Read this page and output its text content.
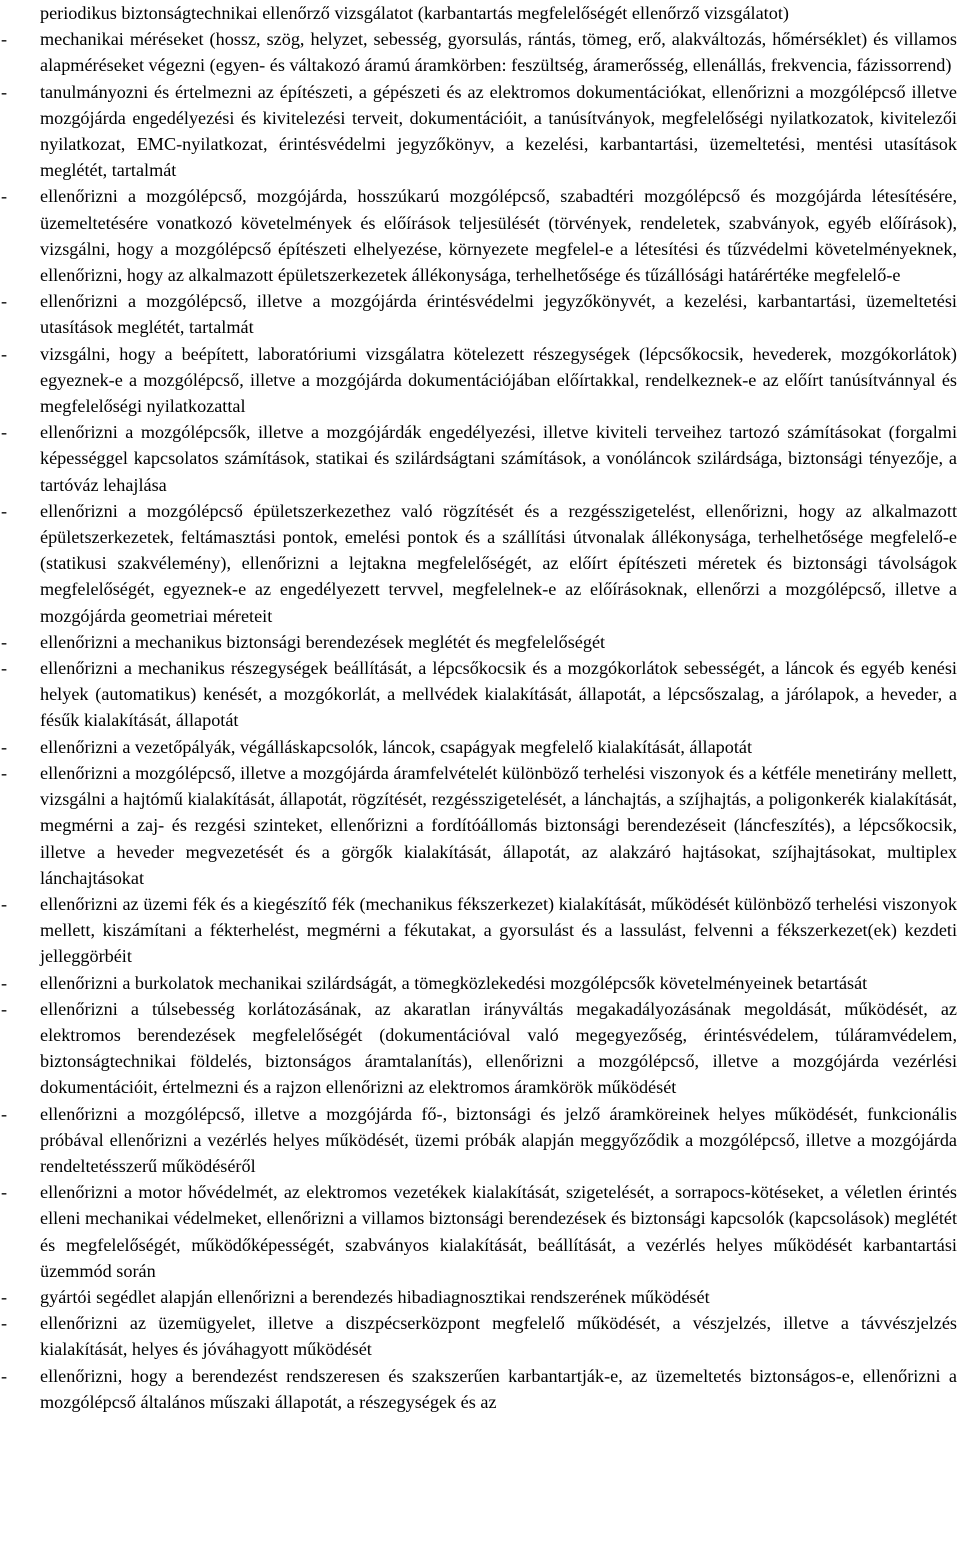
periodikus biztonságtechnikai ellenőrző vizsgálatot (karbantartás megfelelőségét ellenőrző vizsgálatot)

- mechanikai méréseket (hossz, szög, helyzet, sebesség, gyorsulás, rántás, tömeg, erő, alakváltozás, hőmérséklet) és villamos alapméréseket végezni (egyen- és váltakozó áramú áramkörben: feszültség, áramerősség, ellenállás, frekvencia, fázissorrend)
- tanulmányozni és értelmezni az építészeti, a gépészeti és az elektromos dokumentációkat, ellenőrizni a mozgólépcső illetve mozgójárda engedélyezési és kivitelezési terveit, dokumentációit, a tanúsítványok, megfelelőségi nyilatkozatok, kivitelezői nyilatkozat, EMC-nyilatkozat, érintésvédelmi jegyzőkönyv, a kezelési, karbantartási, üzemeltetési, mentési utasítások meglétét, tartalmát
- ellenőrizni a mozgólépcső, mozgójárda, hosszúkarú mozgólépcső, szabadtéri mozgólépcső és mozgójárda létesítésére, üzemeltetésére vonatkozó követelmények és előírások teljesülését (törvények, rendeletek, szabványok, egyéb előírások), vizsgálni, hogy a mozgólépcső építészeti elhelyezése, környezete megfelel-e a létesítési és tűzvédelmi követelményeknek, ellenőrizni, hogy az alkalmazott épületszerkezetek állékonysága, terhelhetősége és tűzállósági határértéke megfelelő-e
- ellenőrizni a mozgólépcső, illetve a mozgójárda érintésvédelmi jegyzőkönyvét, a kezelési, karbantartási, üzemeltetési utasítások meglétét, tartalmát
- vizsgálni, hogy a beépített, laboratóriumi vizsgálatra kötelezett részegységek (lépcsőkocsik, hevederek, mozgókorlátok) egyeznek-e a mozgólépcső, illetve a mozgójárda dokumentációjában előírtakkal, rendelkeznek-e az előírt tanúsítvánnyal és megfelelőségi nyilatkozattal
- ellenőrizni a mozgólépcsők, illetve a mozgójárdák engedélyezési, illetve kiviteli terveihez tartozó számításokat (forgalmi képességgel kapcsolatos számítások, statikai és szilárdságtani számítások, a vonóláncok szilárdsága, biztonsági tényezője, a tartóváz lehajlása
- ellenőrizni a mozgólépcső épületszerkezethez való rögzítését és a rezgésszigetelést, ellenőrizni, hogy az alkalmazott épületszerkezetek, feltámasztási pontok, emelési pontok és a szállítási útvonalak állékonysága, terhelhetősége megfelelő-e (statikusi szakvélemény), ellenőrizni a lejtakna megfelelőségét, az előírt építészeti méretek és biztonsági távolságok megfelelőségét, egyeznek-e az engedélyezett tervvel, megfelelnek-e az előírásoknak, ellenőrzi a mozgólépcső, illetve a mozgójárda geometriai méreteit
- ellenőrizni a mechanikus biztonsági berendezések meglétét és megfelelőségét
- ellenőrizni a mechanikus részegységek beállítását, a lépcsőkocsik és a mozgókorlátok sebességét, a láncok és egyéb kenési helyek (automatikus) kenését, a mozgókorlát, a mellvédek kialakítását, állapotát, a lépcsőszalag, a járólapok, a heveder, a fésűk kialakítását, állapotát
- ellenőrizni a vezetőpályák, végálláskapcsolók, láncok, csapágyak megfelelő kialakítását, állapotát
- ellenőrizni a mozgólépcső, illetve a mozgójárda áramfelvételét különböző terhelési viszonyok és a kétféle menetirány mellett, vizsgálni a hajtómű kialakítását, állapotát, rögzítését, rezgésszigetelését, a lánchajtás, a szíjhajtás, a poligonkerék kialakítását, megmérni a zaj- és rezgési szinteket, ellenőrizni a fordítóállomás biztonsági berendezéseit (láncfeszítés), a lépcsőkocsik, illetve a heveder megvezetését és a görgők kialakítását, állapotát, az alakzáró hajtásokat, szíjhajtásokat, multiplex lánchajtásokat
- ellenőrizni az üzemi fék és a kiegészítő fék (mechanikus fékszerkezet) kialakítását, működését különböző terhelési viszonyok mellett, kiszámítani a fékterhelést, megmérni a fékutakat, a gyorsulást és a lassulást, felvenni a fékszerkezet(ek) kezdeti jelleggörbéit
- ellenőrizni a burkolatok mechanikai szilárdságát, a tömegközlekedési mozgólépcsők követelményeinek betartását
- ellenőrizni a túlsebesség korlátozásának, az akaratlan irányváltás megakadályozásának megoldását, működését, az elektromos berendezések megfelelőségét (dokumentációval való megegyezőség, érintésvédelem, túláramvédelem, biztonságtechnikai földelés, biztonságos áramtalanítás), ellenőrizni a mozgólépcső, illetve a mozgójárda vezérlési dokumentációit, értelmezni és a rajzon ellenőrizni az elektromos áramkörök működését
- ellenőrizni a mozgólépcső, illetve a mozgójárda fő-, biztonsági és jelző áramköreinek helyes működését, funkcionális próbával ellenőrizni a vezérlés helyes működését, üzemi próbák alapján meggyőződik a mozgólépcső, illetve a mozgójárda rendeltetésszerű működéséről
- ellenőrizni a motor hővédelmét, az elektromos vezetékek kialakítását, szigetelését, a sorrapocs-kötéseket, a véletlen érintés elleni mechanikai védelmeket, ellenőrizni a villamos biztonsági berendezések és biztonsági kapcsolók (kapcsolások) meglétét és megfelelőségét, működőképességét, szabványos kialakítását, beállítását, a vezérlés helyes működését karbantartási üzemmód során
- gyártói segédlet alapján ellenőrizni a berendezés hibadiagnosztikai rendszerének működését
- ellenőrizni az üzemügyelet, illetve a diszpécserközpont megfelelő működését, a vészjelzés, illetve a távvészjelzés kialakítását, helyes és jóváhagyott működését
- ellenőrizni, hogy a berendezést rendszeresen és szakszerűen karbantartják-e, az üzemeltetés biztonságos-e, ellenőrizni a mozgólépcső általános műszaki állapotát, a részegységek és az
